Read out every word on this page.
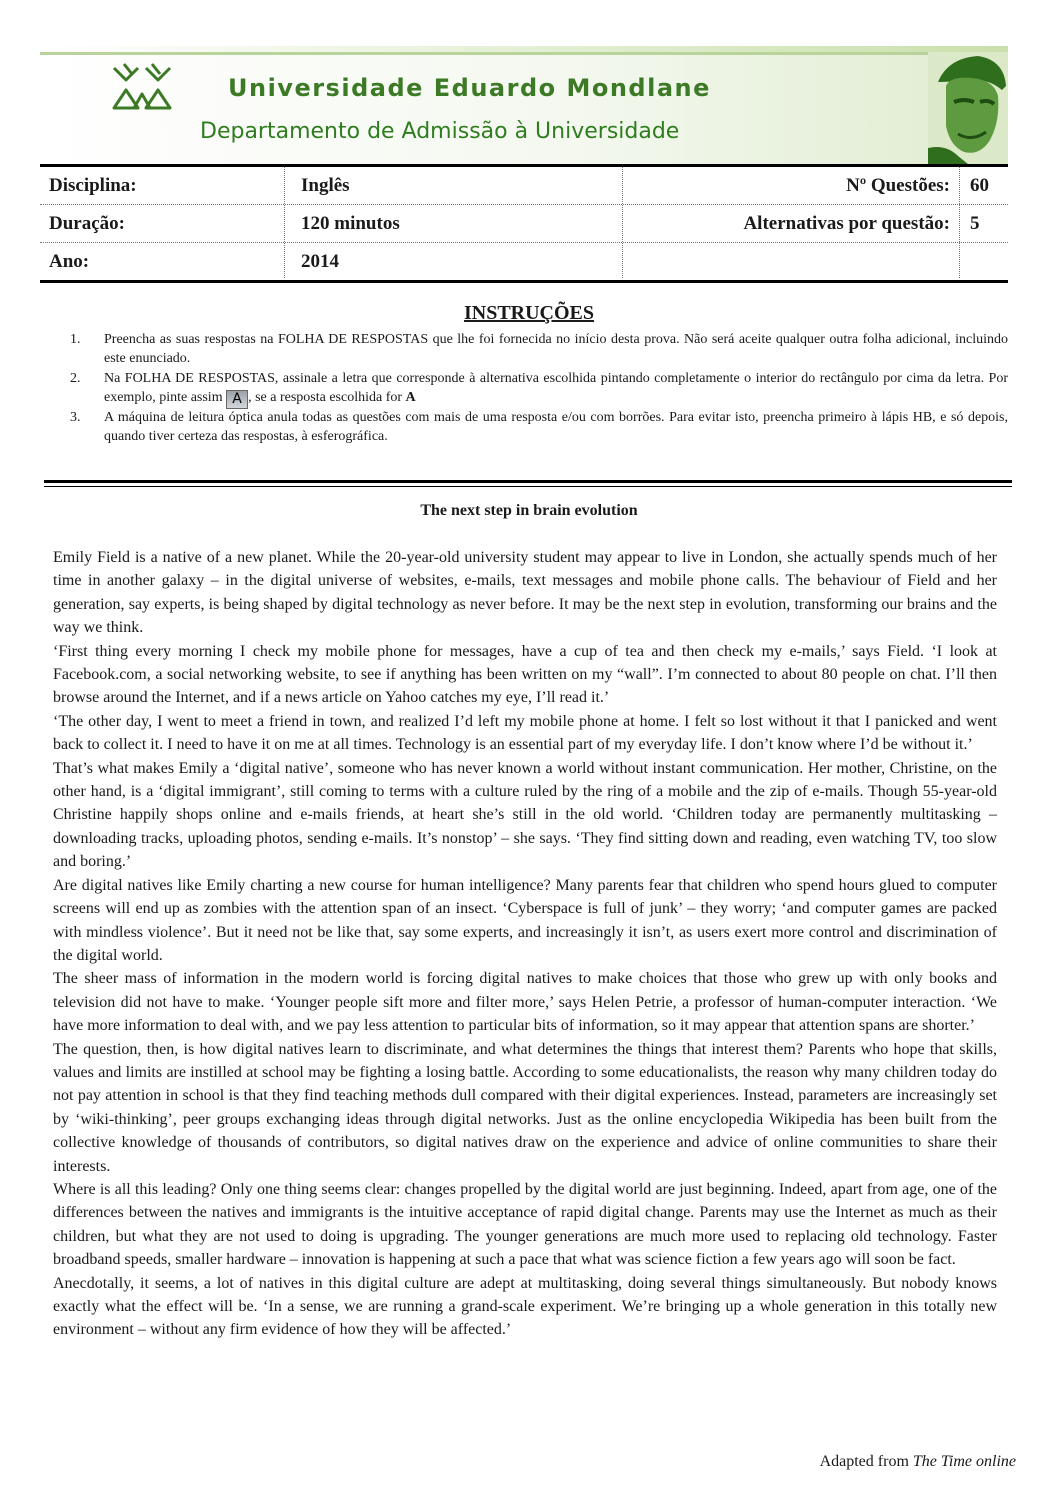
Universidade Eduardo Mondlane
Departamento de Admissão à Universidade
Disciplina:	Inglês	Nº Questões: 60
Duração:	120 minutos	Alternativas por questão: 5
Ano:	2014
INSTRUÇÕES
1. Preencha as suas respostas na FOLHA DE RESPOSTAS que lhe foi fornecida no início desta prova. Não será aceite qualquer outra folha adicional, incluindo este enunciado.
2. Na FOLHA DE RESPOSTAS, assinale a letra que corresponde à alternativa escolhida pintando completamente o interior do rectângulo por cima da letra. Por exemplo, pinte assim A , se a resposta escolhida for A
3. A máquina de leitura óptica anula todas as questões com mais de uma resposta e/ou com borrões. Para evitar isto, preencha primeiro à lápis HB, e só depois, quando tiver certeza das respostas, à esferográfica.
The next step in brain evolution

Emily Field is a native of a new planet. While the 20-year-old university student may appear to live in London, she actually spends much of her time in another galaxy – in the digital universe of websites, e-mails, text messages and mobile phone calls. The behaviour of Field and her generation, say experts, is being shaped by digital technology as never before. It may be the next step in evolution, transforming our brains and the way we think.

‘First thing every morning I check my mobile phone for messages, have a cup of tea and then check my e-mails,’ says Field. ‘I look at Facebook.com, a social networking website, to see if anything has been written on my “wall”. I’m connected to about 80 people on chat. I’ll then browse around the Internet, and if a news article on Yahoo catches my eye, I’ll read it.’

‘The other day, I went to meet a friend in town, and realized I’d left my mobile phone at home. I felt so lost without it that I panicked and went back to collect it. I need to have it on me at all times. Technology is an essential part of my everyday life. I don’t know where I’d be without it.’

That’s what makes Emily a ‘digital native’, someone who has never known a world without instant communication. Her mother, Christine, on the other hand, is a ‘digital immigrant’, still coming to terms with a culture ruled by the ring of a mobile and the zip of e-mails. Though 55-year-old Christine happily shops online and e-mails friends, at heart she’s still in the old world. ‘Children today are permanently multitasking – downloading tracks, uploading photos, sending e-mails. It’s nonstop’ – she says. ‘They find sitting down and reading, even watching TV, too slow and boring.’

Are digital natives like Emily charting a new course for human intelligence? Many parents fear that children who spend hours glued to computer screens will end up as zombies with the attention span of an insect. ‘Cyberspace is full of junk’ – they worry; ‘and computer games are packed with mindless violence’. But it need not be like that, say some experts, and increasingly it isn’t, as users exert more control and discrimination of the digital world.

The sheer mass of information in the modern world is forcing digital natives to make choices that those who grew up with only books and television did not have to make. ‘Younger people sift more and filter more,’ says Helen Petrie, a professor of human-computer interaction. ‘We have more information to deal with, and we pay less attention to particular bits of information, so it may appear that attention spans are shorter.’

The question, then, is how digital natives learn to discriminate, and what determines the things that interest them? Parents who hope that skills, values and limits are instilled at school may be fighting a losing battle. According to some educationalists, the reason why many children today do not pay attention in school is that they find teaching methods dull compared with their digital experiences. Instead, parameters are increasingly set by ‘wiki-thinking’, peer groups exchanging ideas through digital networks. Just as the online encyclopedia Wikipedia has been built from the collective knowledge of thousands of contributors, so digital natives draw on the experience and advice of online communities to share their interests.

Where is all this leading? Only one thing seems clear: changes propelled by the digital world are just beginning. Indeed, apart from age, one of the differences between the natives and immigrants is the intuitive acceptance of rapid digital change. Parents may use the Internet as much as their children, but what they are not used to doing is upgrading. The younger generations are much more used to replacing old technology. Faster broadband speeds, smaller hardware – innovation is happening at such a pace that what was science fiction a few years ago will soon be fact.

Anecdotally, it seems, a lot of natives in this digital culture are adept at multitasking, doing several things simultaneously. But nobody knows exactly what the effect will be. ‘In a sense, we are running a grand-scale experiment. We’re bringing up a whole generation in this totally new environment – without any firm evidence of how they will be affected.’

Adapted from The Time online
